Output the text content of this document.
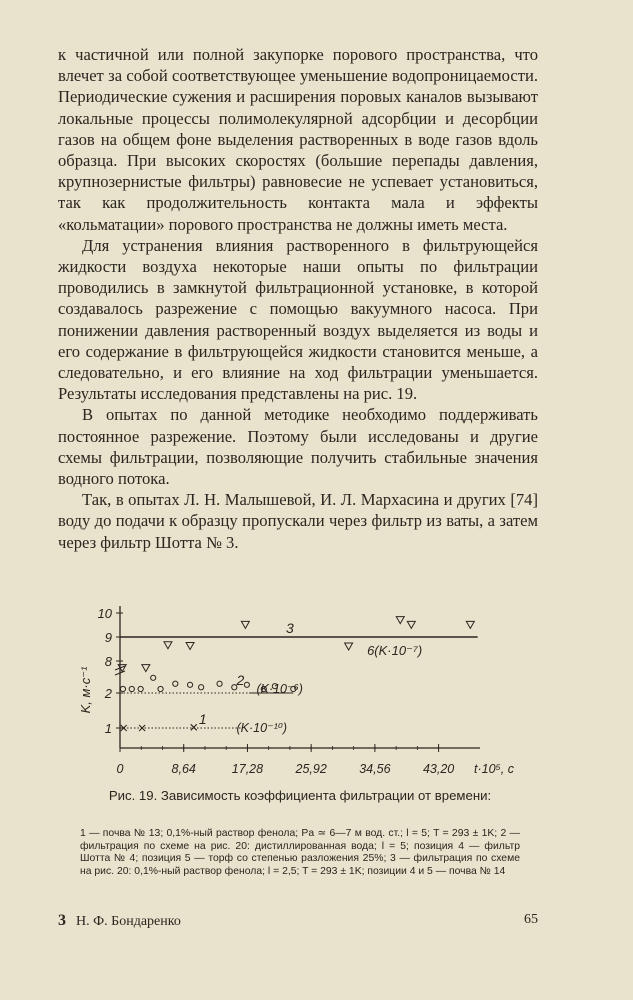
к частичной или полной закупорке порового пространства, что влечет за собой соответствующее уменьшение водопроницаемости. Периодические сужения и расширения поровых каналов вызывают локальные процессы полимолекулярной адсорбции и десорбции газов на общем фоне выделения растворенных в воде газов вдоль образца. При высоких скоростях (большие перепады давления, крупнозернистые фильтры) равновесие не успевает установиться, так как продолжительность контакта мала и эффекты «кольматации» порового пространства не должны иметь места.

Для устранения влияния растворенного в фильтрующейся жидкости воздуха некоторые наши опыты по фильтрации проводились в замкнутой фильтрационной установке, в которой создавалось разрежение с помощью вакуумного насоса. При понижении давления растворенный воздух выделяется из воды и его содержание в фильтрующейся жидкости становится меньше, а следовательно, и его влияние на ход фильтрации уменьшается. Результаты исследования представлены на рис. 19.

В опытах по данной методике необходимо поддерживать постоянное разрежение. Поэтому были исследованы и другие схемы фильтрации, позволяющие получить стабильные значения водного потока.

Так, в опытах Л. Н. Малышевой, И. Л. Мархасина и других [74] воду до подачи к образцу пропускали через фильтр из ваты, а затем через фильтр Шотта № 3.

1
2
8
9
10
0	8,64	17,28	25,92	34,56	43,20 t·10⁵, с
K, м·с⁻¹
3
6(K·10⁻⁷)
2
(K·10⁻⁶)
1
(K·10⁻¹⁰)
Рис. 19. Зависимость коэффициента фильтрации от времени:
1 — почва № 13; 0,1%-ный раствор фенола; Pа ≃ 6—7 м вод. ст.; l = 5; T = 293 ± 1K; 2 — фильтрация по схеме на рис. 20: дистиллированная вода; l = 5; позиция 4 — фильтр Шотта № 4; позиция 5 — торф со степенью разложения 25%; 3 — фильтрация по схеме на рис. 20: 0,1%-ный раствор фенола; l = 2,5; T = 293 ± 1K; позиции 4 и 5 — почва № 14
3 Н. Ф. Бондаренко	65
